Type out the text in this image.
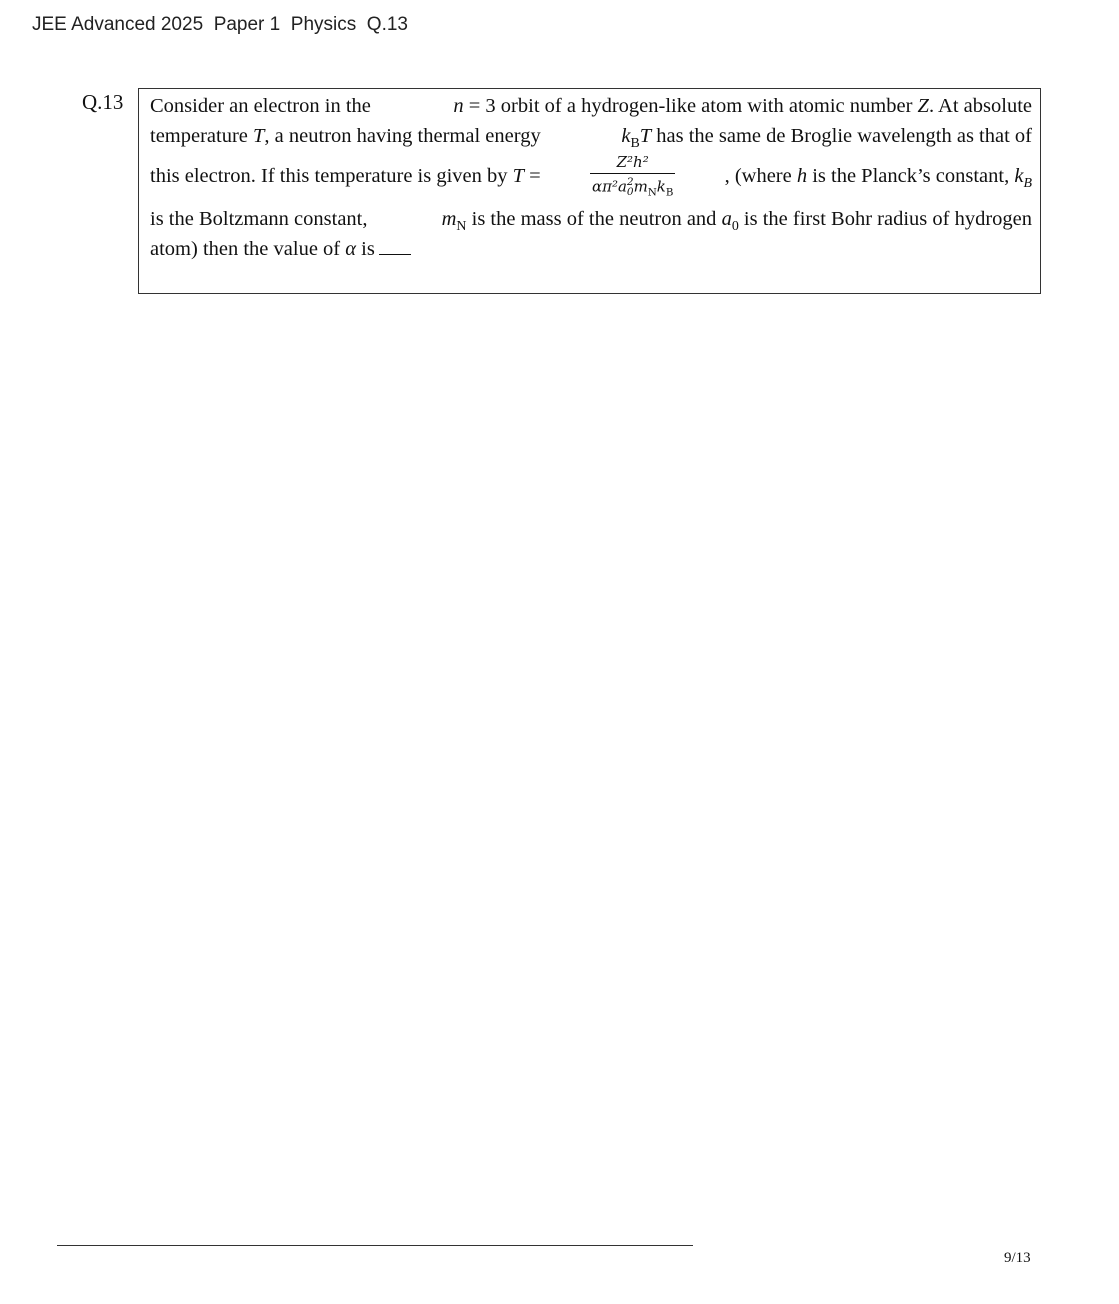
JEE Advanced 2025  Paper 1  Physics  Q.13
Q.13 Consider an electron in the	n = 3 orbit of a hydrogen-like atom with atomic number Z. At absolute
temperature T, a neutron having thermal energy	$k_BT$ has the same de Broglie wavelength as that of
this electron. If this temperature is given by T =	Z²h²
απ²a 2
0 $m_Nk_B$ , (where h is the Planck’s constant, $k_B$
is the Boltzmann constant,	$m_N$ is the mass of the neutron and $a_0$ is the first Bohr radius of hydrogen
atom) then the value of α is
9/13
